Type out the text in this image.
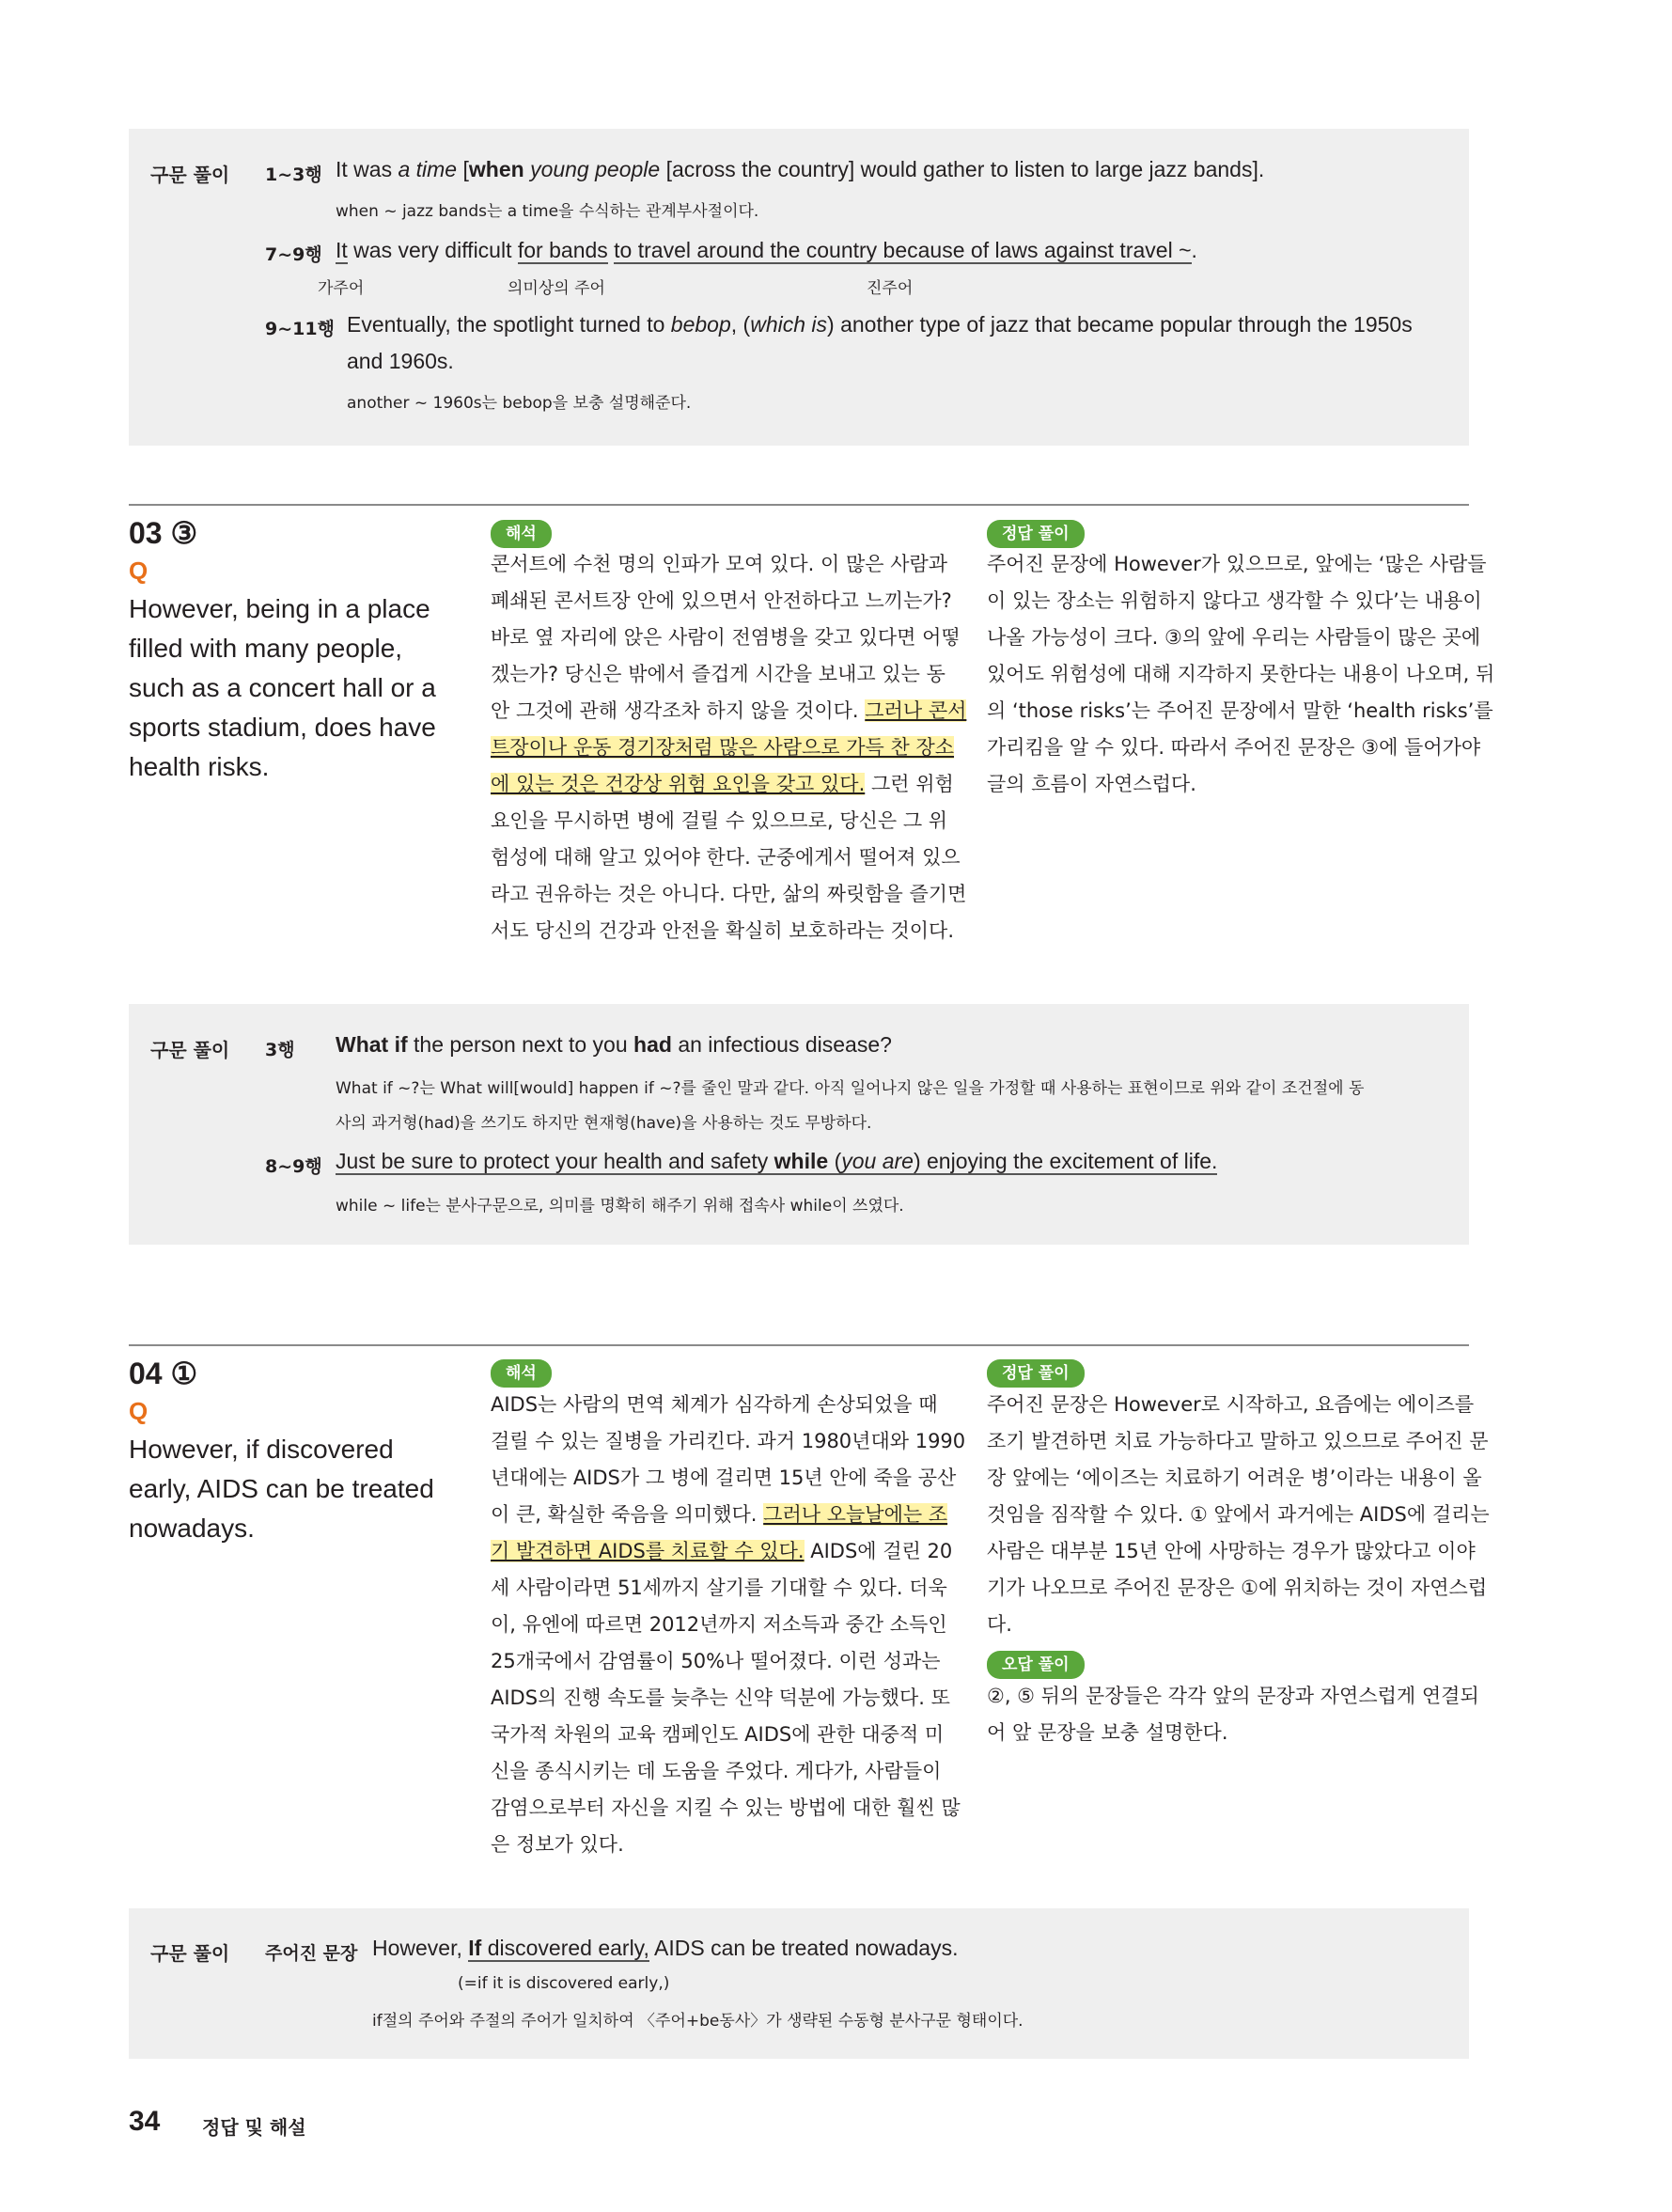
구문 풀이 1~3행 It was a time [when young people [across the country] would gather to listen to large jazz bands].
when ~ jazz bands는 a time을 수식하는 관계부사절이다.
7~9행 It was very difficult for bands to travel around the country because of laws against travel ~.
가주어	의미상의 주어	진주어
9~11행 Eventually, the spotlight turned to bebop, (which is) another type of jazz that became popular through the 1950s
and 1960s.
another ~ 1960s는 bebop을 보충 설명해준다.
03 ③
Q
However, being in a place
filled with many people,
such as a concert hall or a
sports stadium, does have
health risks.
해석
콘서트에 수천 명의 인파가 모여 있다. 이 많은 사람과
폐쇄된 콘서트장 안에 있으면서 안전하다고 느끼는가?
바로 옆 자리에 앉은 사람이 전염병을 갖고 있다면 어떻
겠는가? 당신은 밖에서 즐겁게 시간을 보내고 있는 동
안 그것에 관해 생각조차 하지 않을 것이다. 그러나 콘서
트장이나 운동 경기장처럼 많은 사람으로 가득 찬 장소
에 있는 것은 건강상 위험 요인을 갖고 있다. 그런 위험
요인을 무시하면 병에 걸릴 수 있으므로, 당신은 그 위
험성에 대해 알고 있어야 한다. 군중에게서 떨어져 있으
라고 권유하는 것은 아니다. 다만, 삶의 짜릿함을 즐기면
서도 당신의 건강과 안전을 확실히 보호하라는 것이다.
정답 풀이
주어진 문장에 However가 있으므로, 앞에는 ‘많은 사람들
이 있는 장소는 위험하지 않다고 생각할 수 있다’는 내용이
나올 가능성이 크다. ③의 앞에 우리는 사람들이 많은 곳에
있어도 위험성에 대해 지각하지 못한다는 내용이 나오며, 뒤
의 ‘those risks’는 주어진 문장에서 말한 ‘health risks’를
가리킴을 알 수 있다. 따라서 주어진 문장은 ③에 들어가야
글의 흐름이 자연스럽다.
구문 풀이 3행 What if the person next to you had an infectious disease?
What if ~?는 What will[would] happen if ~?를 줄인 말과 같다. 아직 일어나지 않은 일을 가정할 때 사용하는 표현이므로 위와 같이 조건절에 동
사의 과거형(had)을 쓰기도 하지만 현재형(have)을 사용하는 것도 무방하다.
8~9행 Just be sure to protect your health and safety while (you are) enjoying the excitement of life.
while ~ life는 분사구문으로, 의미를 명확히 해주기 위해 접속사 while이 쓰였다.
04 ①
Q
However, if discovered
early, AIDS can be treated
nowadays.
해석
AIDS는 사람의 면역 체계가 심각하게 손상되었을 때
걸릴 수 있는 질병을 가리킨다. 과거 1980년대와 1990
년대에는 AIDS가 그 병에 걸리면 15년 안에 죽을 공산
이 큰, 확실한 죽음을 의미했다. 그러나 오늘날에는 조
기 발견하면 AIDS를 치료할 수 있다. AIDS에 걸린 20
세 사람이라면 51세까지 살기를 기대할 수 있다. 더욱
이, 유엔에 따르면 2012년까지 저소득과 중간 소득인
25개국에서 감염률이 50%나 떨어졌다. 이런 성과는
AIDS의 진행 속도를 늦추는 신약 덕분에 가능했다. 또
국가적 차원의 교육 캠페인도 AIDS에 관한 대중적 미
신을 종식시키는 데 도움을 주었다. 게다가, 사람들이
감염으로부터 자신을 지킬 수 있는 방법에 대한 훨씬 많
은 정보가 있다.
정답 풀이
주어진 문장은 However로 시작하고, 요즘에는 에이즈를
조기 발견하면 치료 가능하다고 말하고 있으므로 주어진 문
장 앞에는 ‘에이즈는 치료하기 어려운 병’이라는 내용이 올
것임을 짐작할 수 있다. ① 앞에서 과거에는 AIDS에 걸리는
사람은 대부분 15년 안에 사망하는 경우가 많았다고 이야
기가 나오므로 주어진 문장은 ①에 위치하는 것이 자연스럽
다.
오답 풀이
②, ⑤ 뒤의 문장들은 각각 앞의 문장과 자연스럽게 연결되
어 앞 문장을 보충 설명한다.
구문 풀이 주어진 문장 However, If discovered early, AIDS can be treated nowadays.
(=if it is discovered early,)
if절의 주어와 주절의 주어가 일치하여 〈주어+be동사〉가 생략된 수동형 분사구문 형태이다.
34 정답 및 해설
